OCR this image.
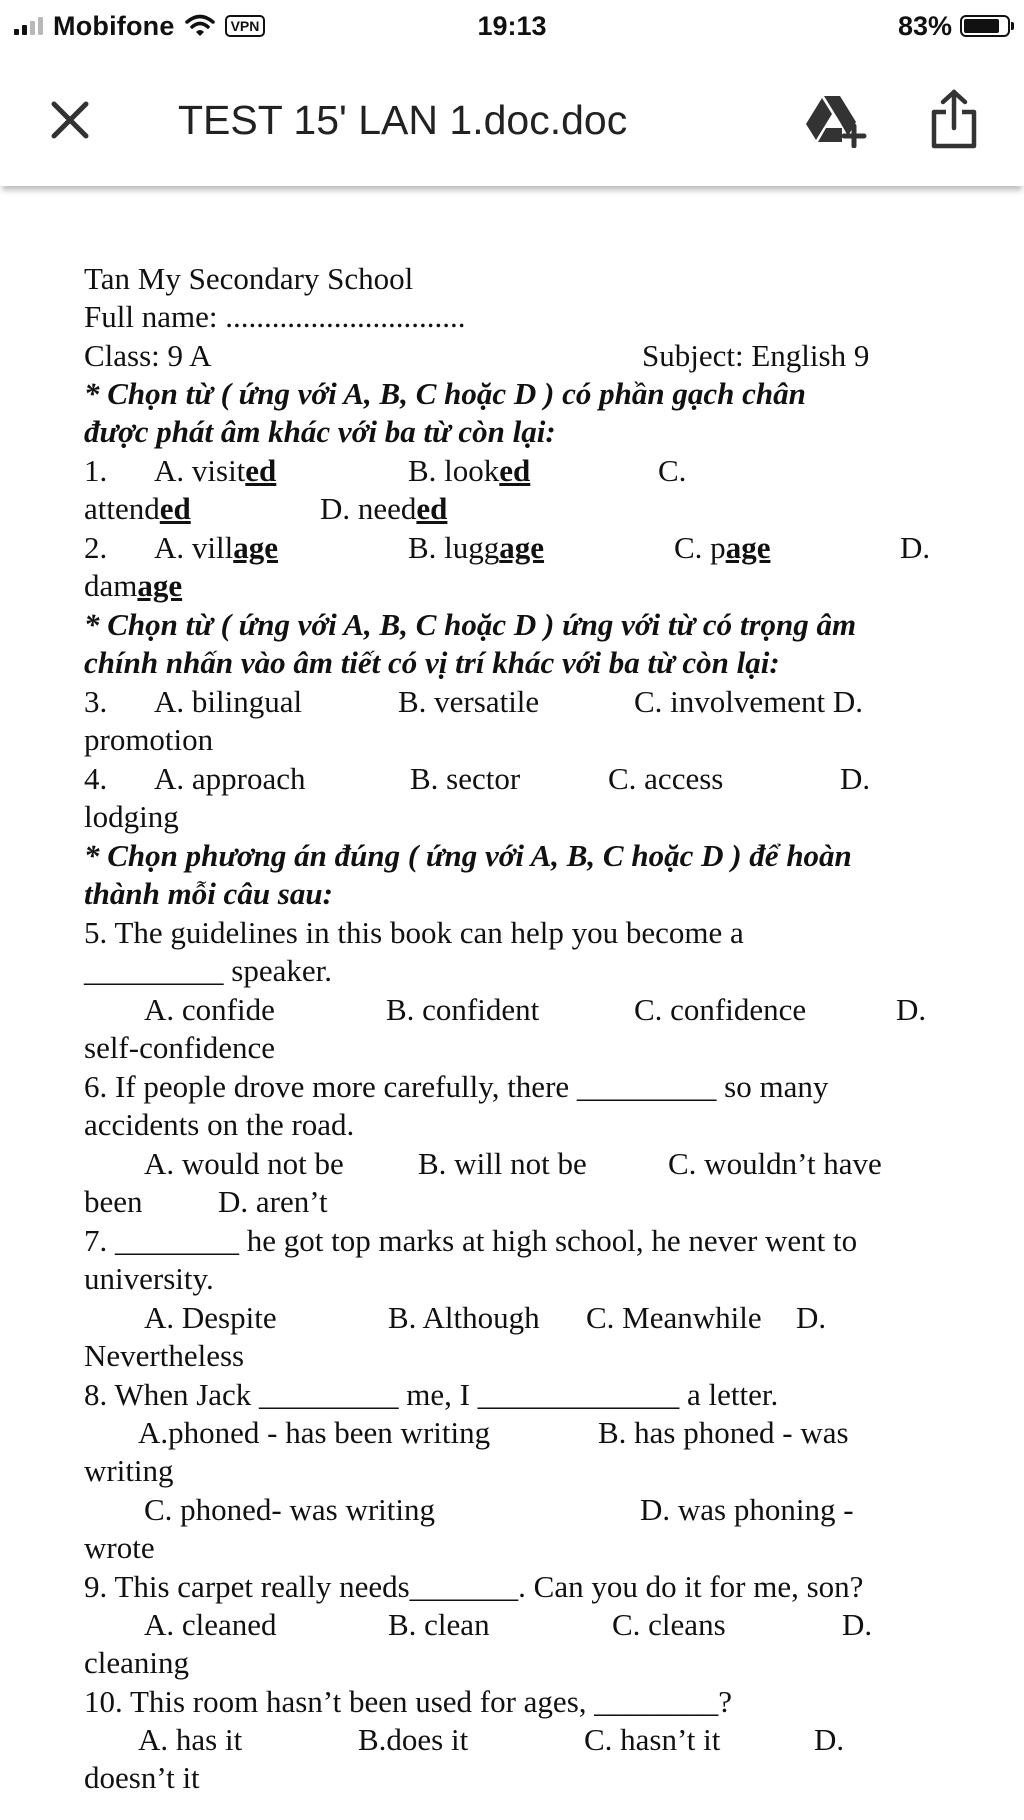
Mobifone	VPN	19:13	83%
TEST 15' LAN 1.doc.doc
Tan My Secondary School
Full name: ...............................
Class: 9 A	Subject: English 9
* Chọn từ ( ứng với A, B, C hoặc D ) có phần gạch chân
được phát âm khác với ba từ còn lại:
1. A. visited	B. looked	C.
attended	D. needed
2. A. village	B. luggage	C. page	D.
damage
* Chọn từ ( ứng với A, B, C hoặc D ) ứng với từ có trọng âm
chính nhấn vào âm tiết có vị trí khác với ba từ còn lại:
3. A. bilingual	B. versatile	C. involvement D.
promotion
4. A. approach	B. sector	C. access	D.
lodging
* Chọn phương án đúng ( ứng với A, B, C hoặc D ) để hoàn
thành mỗi câu sau:
5. The guidelines in this book can help you become a
_________ speaker.
A. confide	B. confident	C. confidence	D.
self-confidence
6. If people drove more carefully, there _________ so many
accidents on the road.
A. would not be B. will not be	C. wouldn’t have
been D. aren’t
7. ________ he got top marks at high school, he never went to
university.
A. Despite	B. Although C. Meanwhile D.
Nevertheless
8. When Jack _________ me, I _____________ a letter.
A.phoned - has been writing	B. has phoned - was
writing
C. phoned- was writing	D. was phoning -
wrote
9. This carpet really needs_______. Can you do it for me, son?
A. cleaned	B. clean	C. cleans	D.
cleaning
10. This room hasn’t been used for ages, ________?
A. has it	B.does it	C. hasn’t it	D.
doesn’t it
